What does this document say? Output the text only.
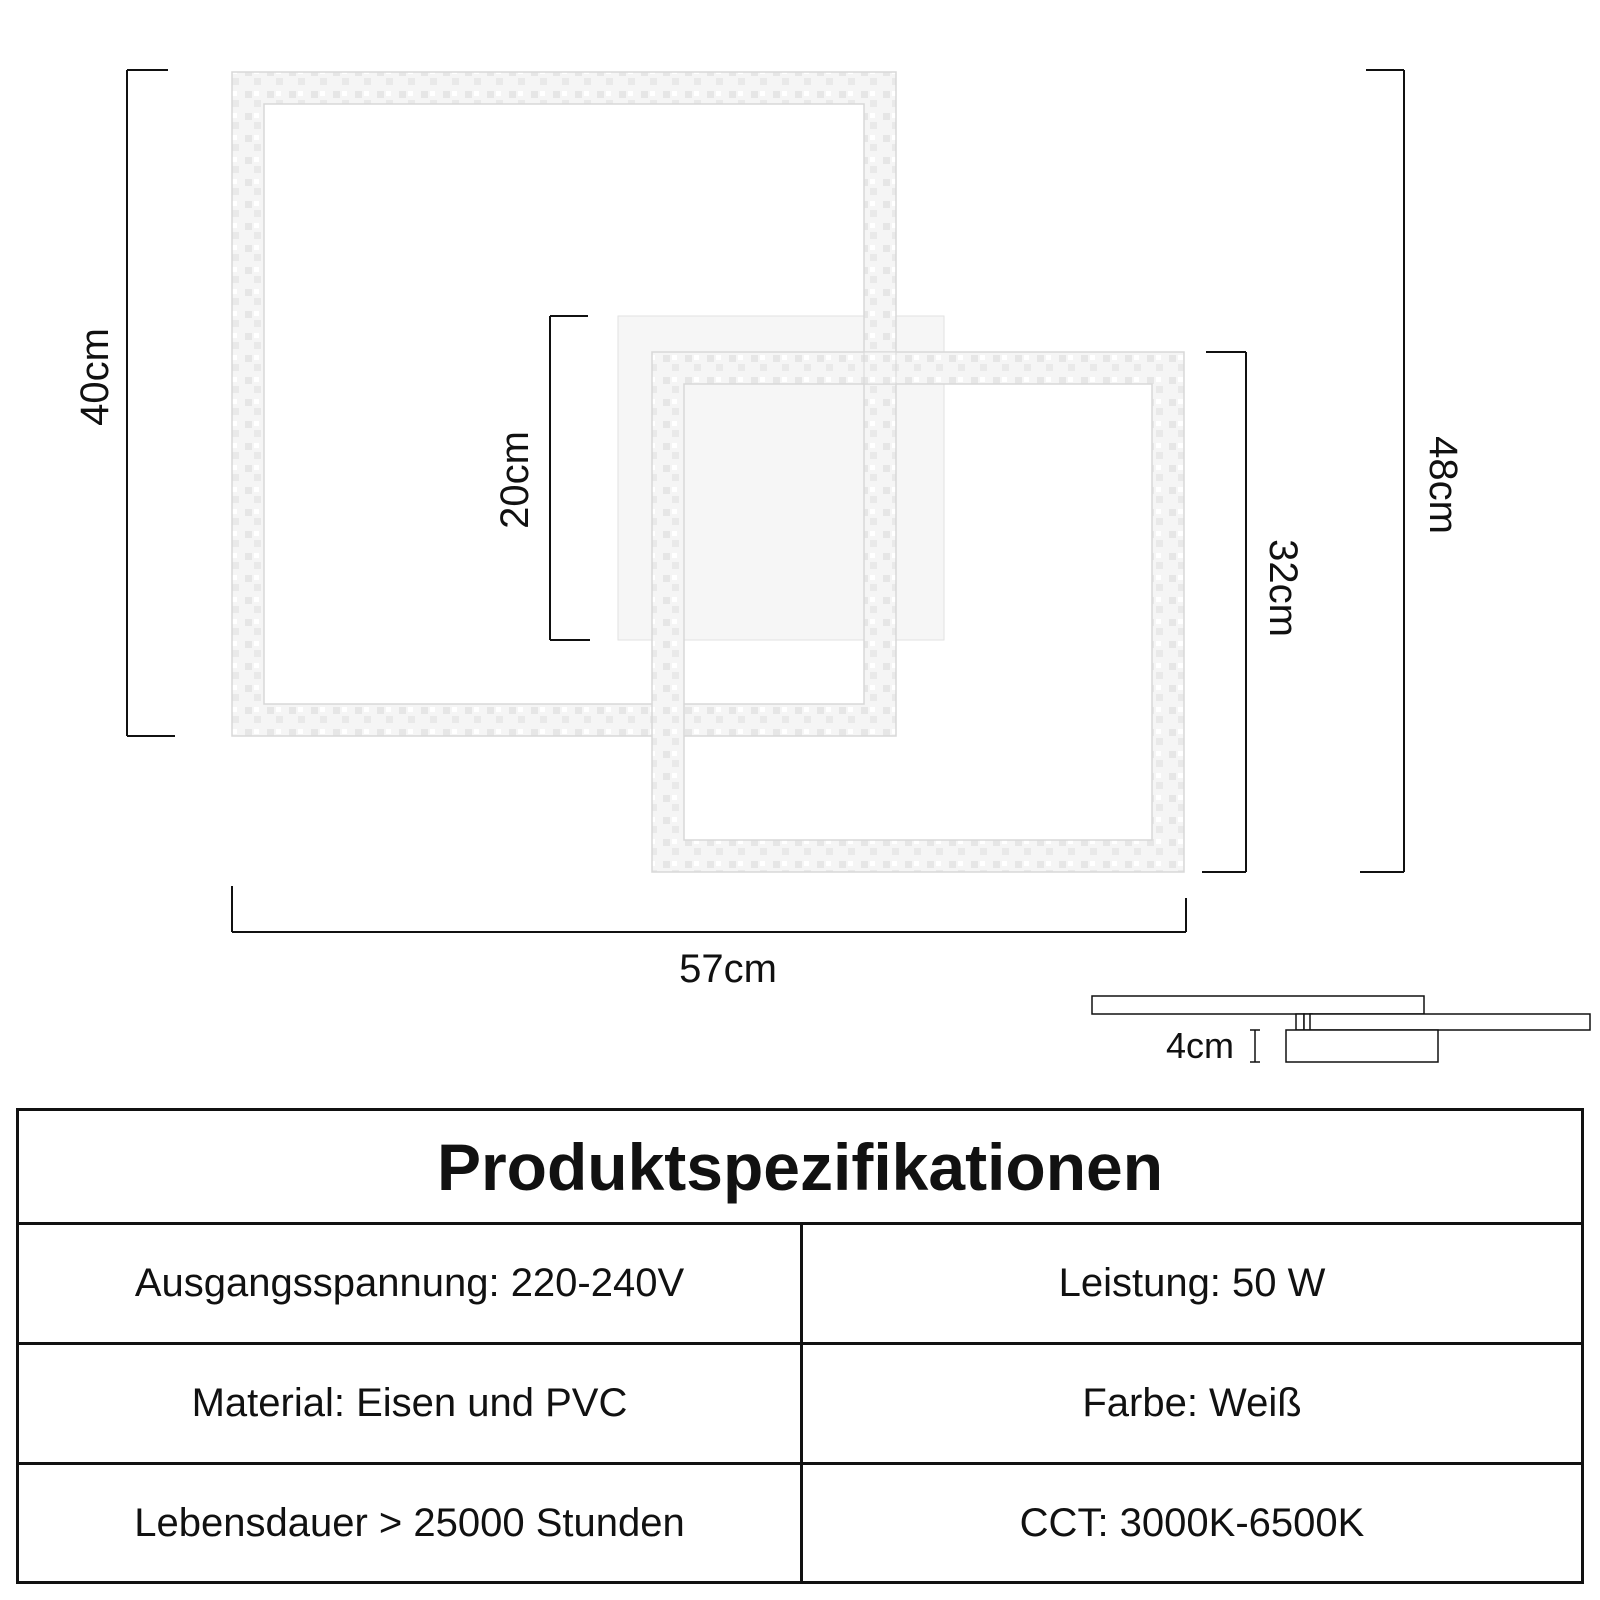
40cm
20cm
32cm
48cm
57cm
4cm
Produktspezifikationen
Ausgangsspannung: 220-240V	Leistung: 50 W
Material: Eisen und PVC	Farbe: Weiß
Lebensdauer > 25000 Stunden	CCT: 3000K-6500K
